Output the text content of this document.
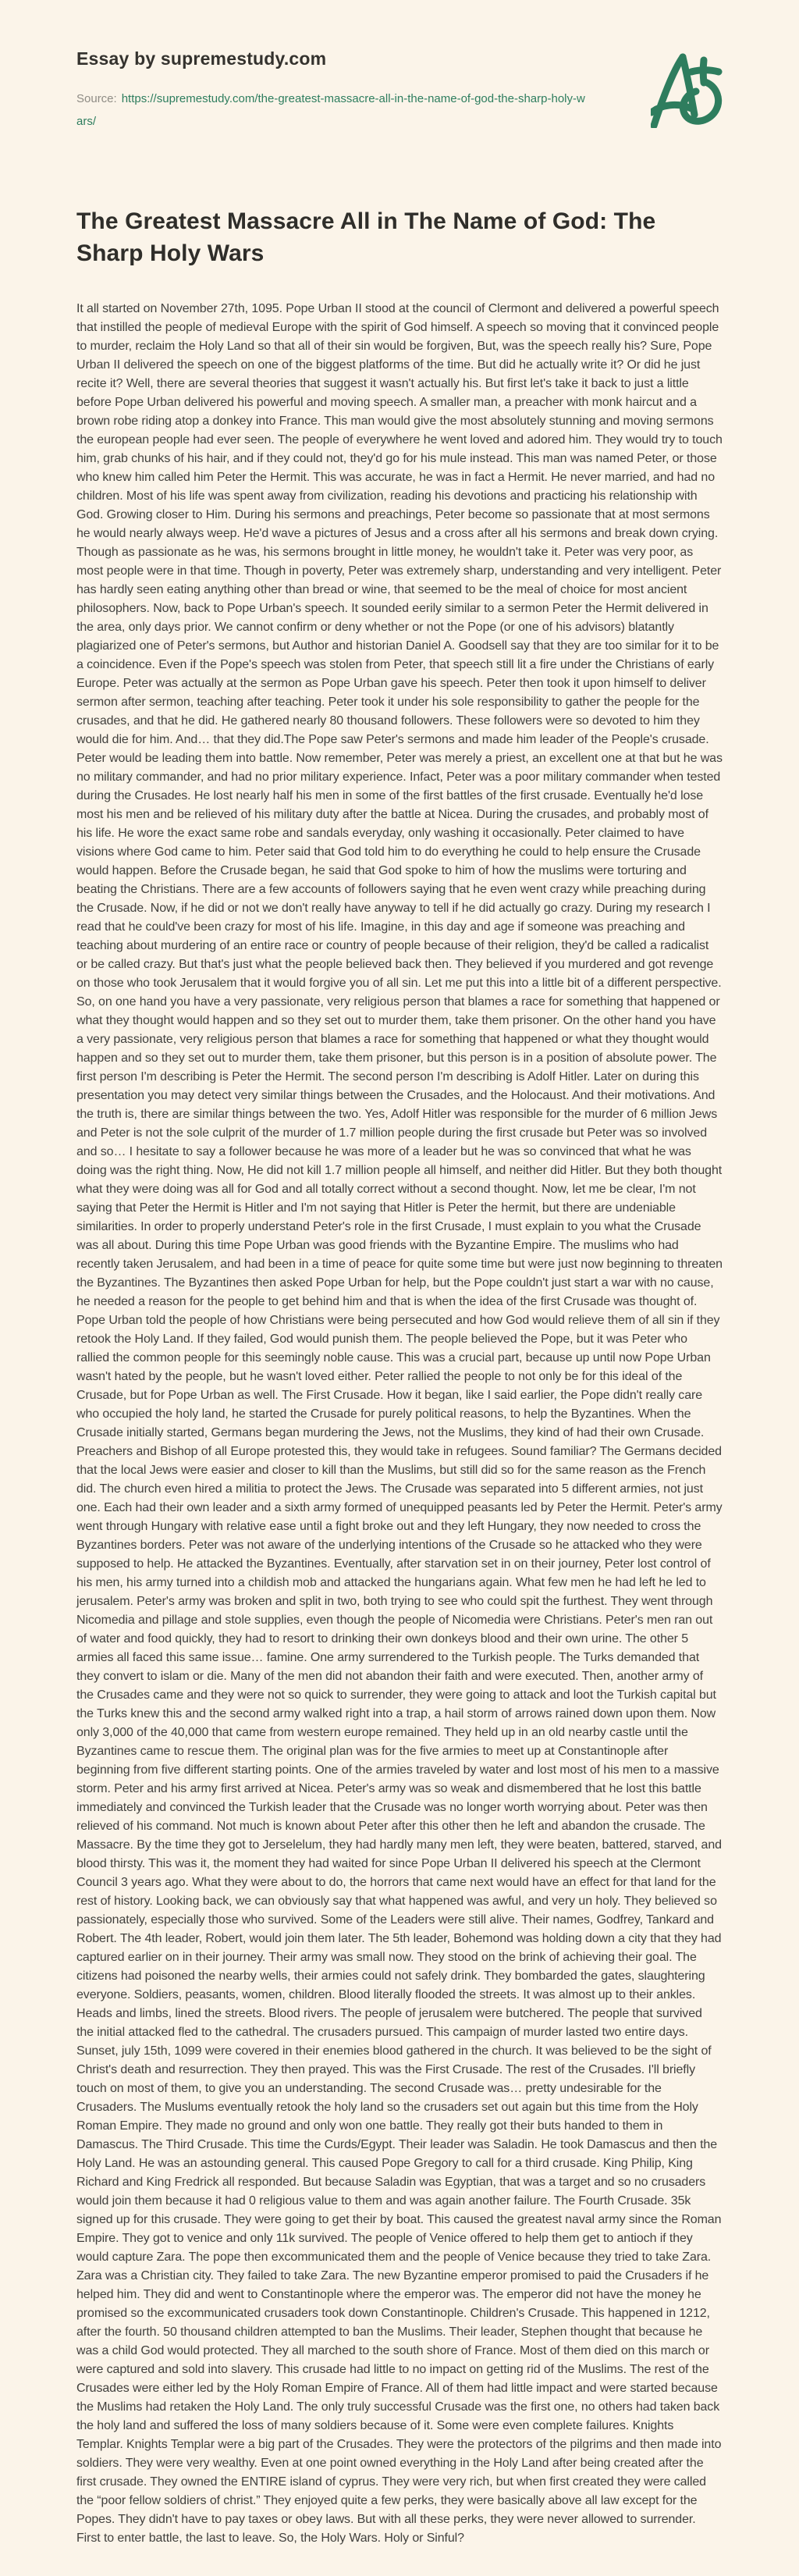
Essay by supremestudy.com

Source: https://supremestudy.com/the-greatest-massacre-all-in-the-name-of-god-the-sharp-holy-wars/

The Greatest Massacre All in The Name of God: The Sharp Holy Wars

It all started on November 27th, 1095. Pope Urban II stood at the council of Clermont and delivered a powerful speech that instilled the people of medieval Europe with the spirit of God himself. A speech so moving that it convinced people to murder, reclaim the Holy Land so that all of their sin would be forgiven, But, was the speech really his? Sure, Pope Urban II delivered the speech on one of the biggest platforms of the time. But did he actually write it? Or did he just recite it? Well, there are several theories that suggest it wasn't actually his. But first let's take it back to just a little before Pope Urban delivered his powerful and moving speech. A smaller man, a preacher with monk haircut and a brown robe riding atop a donkey into France. This man would give the most absolutely stunning and moving sermons the european people had ever seen. The people of everywhere he went loved and adored him. They would try to touch him, grab chunks of his hair, and if they could not, they'd go for his mule instead. This man was named Peter, or those who knew him called him Peter the Hermit. This was accurate, he was in fact a Hermit. He never married, and had no children. Most of his life was spent away from civilization, reading his devotions and practicing his relationship with God. Growing closer to Him. During his sermons and preachings, Peter become so passionate that at most sermons he would nearly always weep. He'd wave a pictures of Jesus and a cross after all his sermons and break down crying. Though as passionate as he was, his sermons brought in little money, he wouldn't take it. Peter was very poor, as most people were in that time. Though in poverty, Peter was extremely sharp, understanding and very intelligent. Peter has hardly seen eating anything other than bread or wine, that seemed to be the meal of choice for most ancient philosophers. Now, back to Pope Urban's speech. It sounded eerily similar to a sermon Peter the Hermit delivered in the area, only days prior. We cannot confirm or deny whether or not the Pope (or one of his advisors) blatantly plagiarized one of Peter's sermons, but Author and historian Daniel A. Goodsell say that they are too similar for it to be a coincidence. Even if the Pope's speech was stolen from Peter, that speech still lit a fire under the Christians of early Europe. Peter was actually at the sermon as Pope Urban gave his speech. Peter then took it upon himself to deliver sermon after sermon, teaching after teaching. Peter took it under his sole responsibility to gather the people for the crusades, and that he did. He gathered nearly 80 thousand followers. These followers were so devoted to him they would die for him. And… that they did.The Pope saw Peter's sermons and made him leader of the People's crusade. Peter would be leading them into battle. Now remember, Peter was merely a priest, an excellent one at that but he was no military commander, and had no prior military experience. Infact, Peter was a poor military commander when tested during the Crusades. He lost nearly half his men in some of the first battles of the first crusade. Eventually he'd lose most his men and be relieved of his military duty after the battle at Nicea. During the crusades, and probably most of his life. He wore the exact same robe and sandals everyday, only washing it occasionally. Peter claimed to have visions where God came to him. Peter said that God told him to do everything he could to help ensure the Crusade would happen. Before the Crusade began, he said that God spoke to him of how the muslims were torturing and beating the Christians. There are a few accounts of followers saying that he even went crazy while preaching during the Crusade. Now, if he did or not we don't really have anyway to tell if he did actually go crazy. During my research I read that he could've been crazy for most of his life. Imagine, in this day and age if someone was preaching and teaching about murdering of an entire race or country of people because of their religion, they'd be called a radicalist or be called crazy. But that's just what the people believed back then. They believed if you murdered and got revenge on those who took Jerusalem that it would forgive you of all sin. Let me put this into a little bit of a different perspective. So, on one hand you have a very passionate, very religious person that blames a race for something that happened or what they thought would happen and so they set out to murder them, take them prisoner. On the other hand you have a very passionate, very religious person that blames a race for something that happened or what they thought would happen and so they set out to murder them, take them prisoner, but this person is in a position of absolute power. The first person I'm describing is Peter the Hermit. The second person I'm describing is Adolf Hitler. Later on during this presentation you may detect very similar things between the Crusades, and the Holocaust. And their motivations. And the truth is, there are similar things between the two. Yes, Adolf Hitler was responsible for the murder of 6 million Jews and Peter is not the sole culprit of the murder of 1.7 million people during the first crusade but Peter was so involved and so… I hesitate to say a follower because he was more of a leader but he was so convinced that what he was doing was the right thing. Now, He did not kill 1.7 million people all himself, and neither did Hitler. But they both thought what they were doing was all for God and all totally correct without a second thought. Now, let me be clear, I'm not saying that Peter the Hermit is Hitler and I'm not saying that Hitler is Peter the hermit, but there are undeniable similarities. In order to properly understand Peter's role in the first Crusade, I must explain to you what the Crusade was all about. During this time Pope Urban was good friends with the Byzantine Empire. The muslims who had recently taken Jerusalem, and had been in a time of peace for quite some time but were just now beginning to threaten the Byzantines. The Byzantines then asked Pope Urban for help, but the Pope couldn't just start a war with no cause, he needed a reason for the people to get behind him and that is when the idea of the first Crusade was thought of. Pope Urban told the people of how Christians were being persecuted and how God would relieve them of all sin if they retook the Holy Land. If they failed, God would punish them. The people believed the Pope, but it was Peter who rallied the common people for this seemingly noble cause. This was a crucial part, because up until now Pope Urban wasn't hated by the people, but he wasn't loved either. Peter rallied the people to not only be for this ideal of the Crusade, but for Pope Urban as well. The First Crusade. How it began, like I said earlier, the Pope didn't really care who occupied the holy land, he started the Crusade for purely political reasons, to help the Byzantines. When the Crusade initially started, Germans began murdering the Jews, not the Muslims, they kind of had their own Crusade. Preachers and Bishop of all Europe protested this, they would take in refugees. Sound familiar? The Germans decided that the local Jews were easier and closer to kill than the Muslims, but still did so for the same reason as the French did. The church even hired a militia to protect the Jews. The Crusade was separated into 5 different armies, not just one. Each had their own leader and a sixth army formed of unequipped peasants led by Peter the Hermit. Peter's army went through Hungary with relative ease until a fight broke out and they left Hungary, they now needed to cross the Byzantines borders. Peter was not aware of the underlying intentions of the Crusade so he attacked who they were supposed to help. He attacked the Byzantines. Eventually, after starvation set in on their journey, Peter lost control of his men, his army turned into a childish mob and attacked the hungarians again. What few men he had left he led to jerusalem. Peter's army was broken and split in two, both trying to see who could spit the furthest. They went through Nicomedia and pillage and stole supplies, even though the people of Nicomedia were Christians. Peter's men ran out of water and food quickly, they had to resort to drinking their own donkeys blood and their own urine. The other 5 armies all faced this same issue… famine. One army surrendered to the Turkish people. The Turks demanded that they convert to islam or die. Many of the men did not abandon their faith and were executed. Then, another army of the Crusades came and they were not so quick to surrender, they were going to attack and loot the Turkish capital but the Turks knew this and the second army walked right into a trap, a hail storm of arrows rained down upon them. Now only 3,000 of the 40,000 that came from western europe remained. They held up in an old nearby castle until the Byzantines came to rescue them. The original plan was for the five armies to meet up at Constantinople after beginning from five different starting points. One of the armies traveled by water and lost most of his men to a massive storm. Peter and his army first arrived at Nicea. Peter's army was so weak and dismembered that he lost this battle immediately and convinced the Turkish leader that the Crusade was no longer worth worrying about. Peter was then relieved of his command. Not much is known about Peter after this other then he left and abandon the crusade. The Massacre. By the time they got to Jerselelum, they had hardly many men left, they were beaten, battered, starved, and blood thirsty. This was it, the moment they had waited for since Pope Urban II delivered his speech at the Clermont Council 3 years ago. What they were about to do, the horrors that came next would have an effect for that land for the rest of history. Looking back, we can obviously say that what happened was awful, and very un holy. They believed so passionately, especially those who survived. Some of the Leaders were still alive. Their names, Godfrey, Tankard and Robert. The 4th leader, Robert, would join them later. The 5th leader, Bohemond was holding down a city that they had captured earlier on in their journey. Their army was small now. They stood on the brink of achieving their goal. The citizens had poisoned the nearby wells, their armies could not safely drink. They bombarded the gates, slaughtering everyone. Soldiers, peasants, women, children. Blood literally flooded the streets. It was almost up to their ankles. Heads and limbs, lined the streets. Blood rivers. The people of jerusalem were butchered. The people that survived the initial attacked fled to the cathedral. The crusaders pursued. This campaign of murder lasted two entire days. Sunset, july 15th, 1099 were covered in their enemies blood gathered in the church. It was believed to be the sight of Christ's death and resurrection. They then prayed. This was the First Crusade. The rest of the Crusades. I'll briefly touch on most of them, to give you an understanding. The second Crusade was… pretty undesirable for the Crusaders. The Muslums eventually retook the holy land so the crusaders set out again but this time from the Holy Roman Empire. They made no ground and only won one battle. They really got their buts handed to them in Damascus. The Third Crusade. This time the Curds/Egypt. Their leader was Saladin. He took Damascus and then the Holy Land. He was an astounding general. This caused Pope Gregory to call for a third crusade. King Philip, King Richard and King Fredrick all responded. But because Saladin was Egyptian, that was a target and so no crusaders would join them because it had 0 religious value to them and was again another failure. The Fourth Crusade. 35k signed up for this crusade. They were going to get their by boat. This caused the greatest naval army since the Roman Empire. They got to venice and only 11k survived. The people of Venice offered to help them get to antioch if they would capture Zara. The pope then excommunicated them and the people of Venice because they tried to take Zara. Zara was a Christian city. They failed to take Zara. The new Byzantine emperor promised to paid the Crusaders if he helped him. They did and went to Constantinople where the emperor was. The emperor did not have the money he promised so the excommunicated crusaders took down Constantinople. Children's Crusade. This happened in 1212, after the fourth. 50 thousand children attempted to ban the Muslims. Their leader, Stephen thought that because he was a child God would protected. They all marched to the south shore of France. Most of them died on this march or were captured and sold into slavery. This crusade had little to no impact on getting rid of the Muslims. The rest of the Crusades were either led by the Holy Roman Empire of France. All of them had little impact and were started because the Muslims had retaken the Holy Land. The only truly successful Crusade was the first one, no others had taken back the holy land and suffered the loss of many soldiers because of it. Some were even complete failures. Knights Templar. Knights Templar were a big part of the Crusades. They were the protectors of the pilgrims and then made into soldiers. They were very wealthy. Even at one point owned everything in the Holy Land after being created after the first crusade. They owned the ENTIRE island of cyprus. They were very rich, but when first created they were called the “poor fellow soldiers of christ.” They enjoyed quite a few perks, they were basically above all law except for the Popes. They didn't have to pay taxes or obey laws. But with all these perks, they were never allowed to surrender. First to enter battle, the last to leave. So, the Holy Wars. Holy or Sinful?
